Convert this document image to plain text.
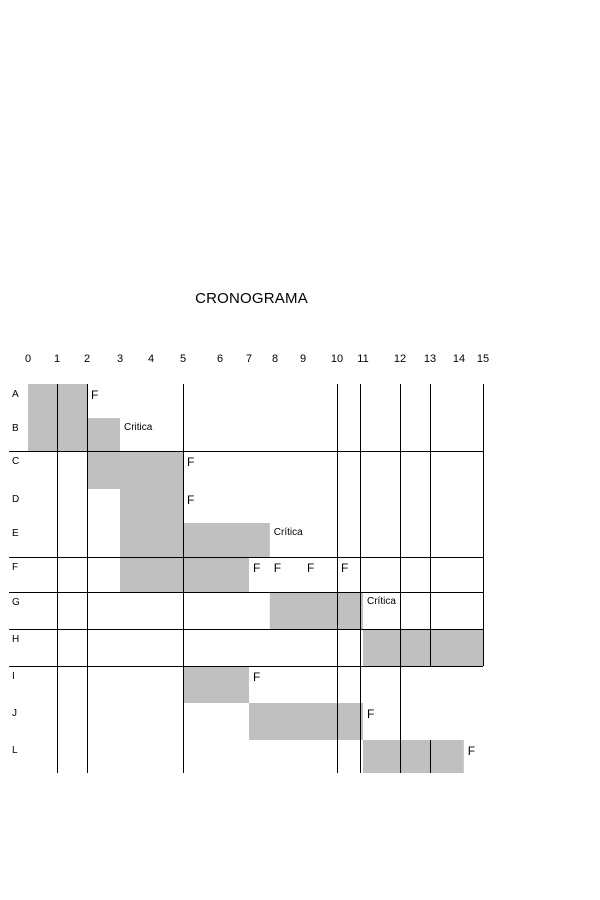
CRONOGRAMA
0 1 2 3 4 5	6 7 8 9 10 11 12 13 14 15
A
B
C
D
E
F
G
H
I
J
L
F
Critica
F
F
Crítica
F F F F
Crítica
F
F
F
